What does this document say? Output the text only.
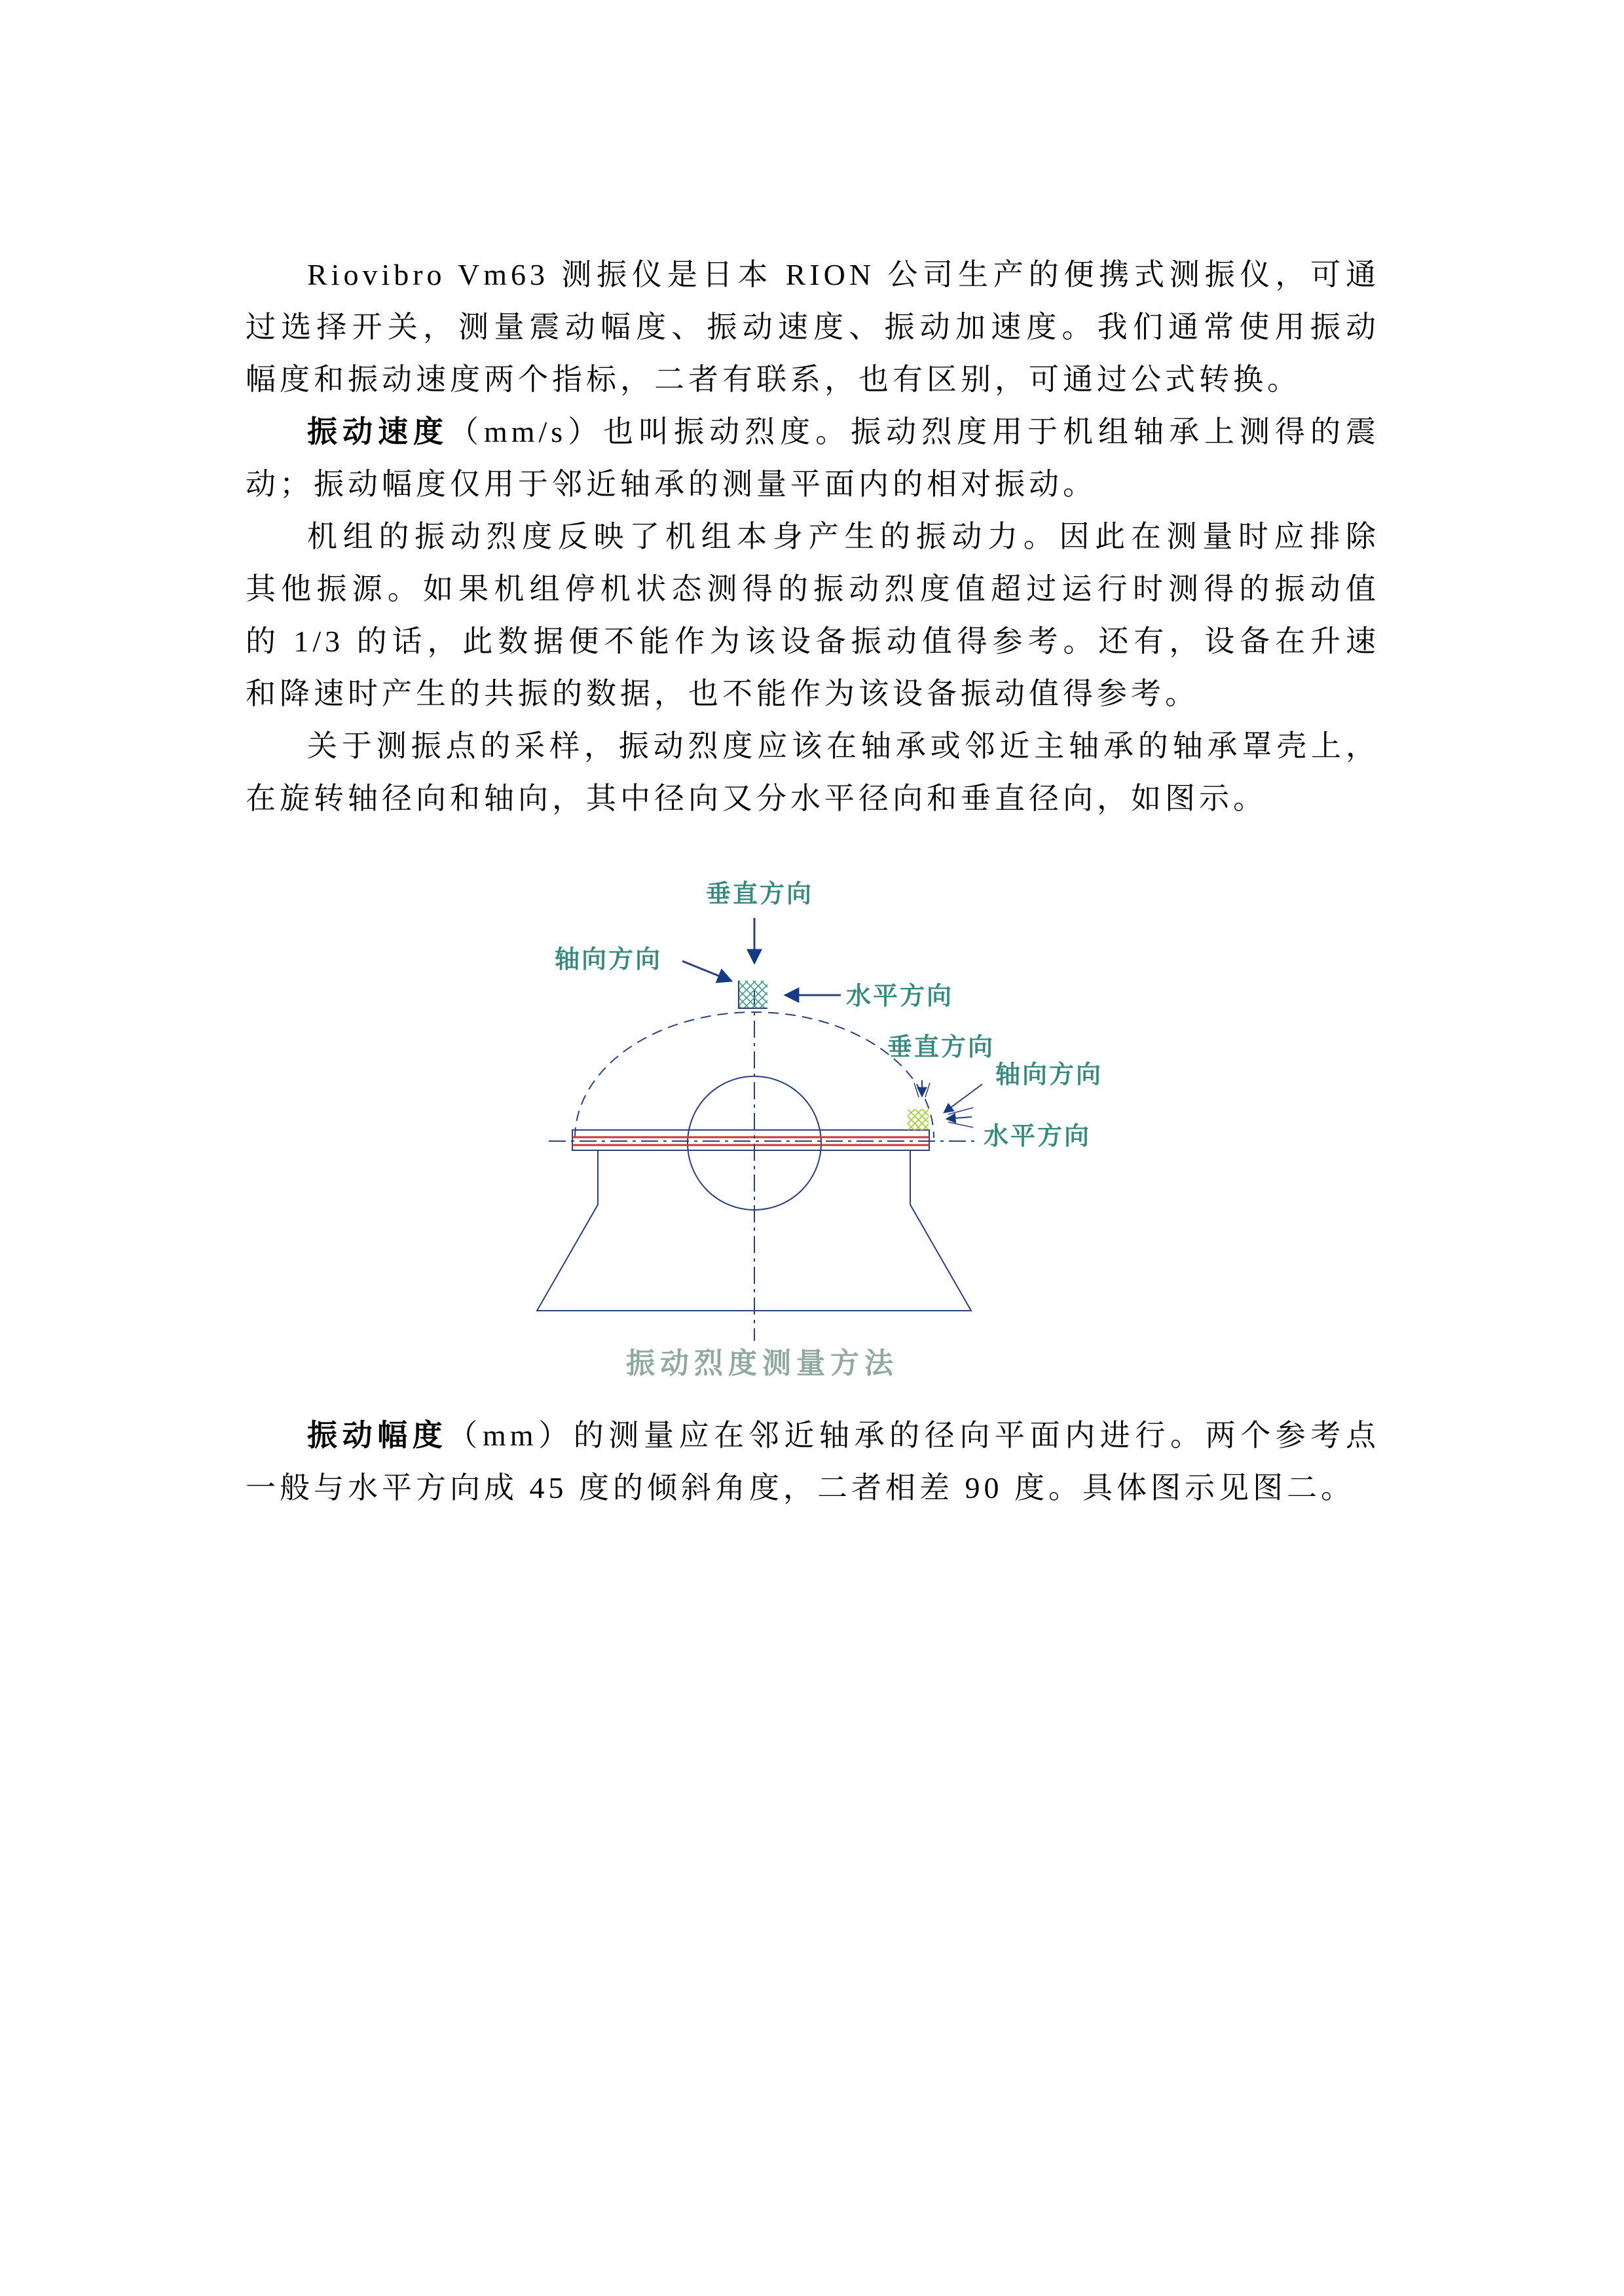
Riovibro Vm63 测振仪是日本 RION 公司生产的便携式测振仪，可通
过选择开关，测量震动幅度、振动速度、振动加速度。我们通常使用振动
幅度和振动速度两个指标，二者有联系，也有区别，可通过公式转换。
振动速度（mm/s）也叫振动烈度。振动烈度用于机组轴承上测得的震
动；振动幅度仅用于邻近轴承的测量平面内的相对振动。
机组的振动烈度反映了机组本身产生的振动力。因此在测量时应排除
其他振源。如果机组停机状态测得的振动烈度值超过运行时测得的振动值
的 1/3 的话，此数据便不能作为该设备振动值得参考。还有，设备在升速
和降速时产生的共振的数据，也不能作为该设备振动值得参考。
关于测振点的采样，振动烈度应该在轴承或邻近主轴承的轴承罩壳上，
在旋转轴径向和轴向，其中径向又分水平径向和垂直径向，如图示。
垂直方向
轴向方向
水平方向
垂直方向
轴向方向
水平方向
振动烈度测量方法
振动幅度（mm）的测量应在邻近轴承的径向平面内进行。两个参考点
一般与水平方向成 45 度的倾斜角度，二者相差 90 度。具体图示见图二。
